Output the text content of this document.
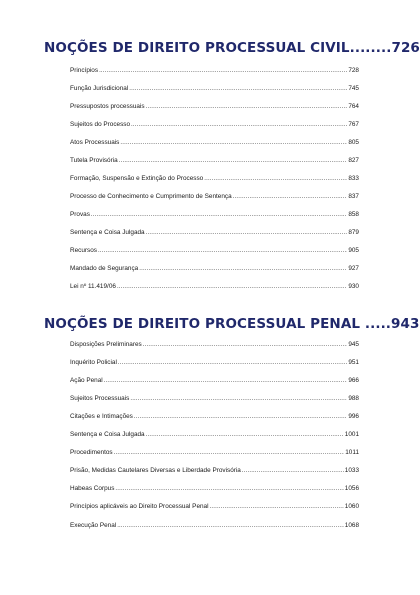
NOÇÕES DE DIREITO PROCESSUAL CIVIL........726
Princípios .....	728
Função Jurisdicional .....	745
Pressupostos processuais .....	764
Sujeitos do Processo .....	767
Atos Processuais .....	805
Tutela Provisória .....	827
Formação, Suspensão e Extinção do Processo .....	833
Processo de Conhecimento e Cumprimento de Sentença .....	837
Provas .....	858
Sentença e Coisa Julgada .....	879
Recursos .....	905
Mandado de Segurança .....	927
Lei nº 11.419/06 .....	930
NOÇÕES DE DIREITO PROCESSUAL PENAL .....943
Disposições Preliminares .....	945
Inquérito Policial .....	951
Ação Penal .....	966
Sujeitos Processuais .....	988
Citações e Intimações .....	996
Sentença e Coisa Julgada .....	1001
Procedimentos .....	1011
Prisão, Medidas Cautelares Diversas e Liberdade Provisória .....	1033
Habeas Corpus .....	1056
Princípios aplicáveis ao Direito Processual Penal .....	1060
Execução Penal .....	1068
